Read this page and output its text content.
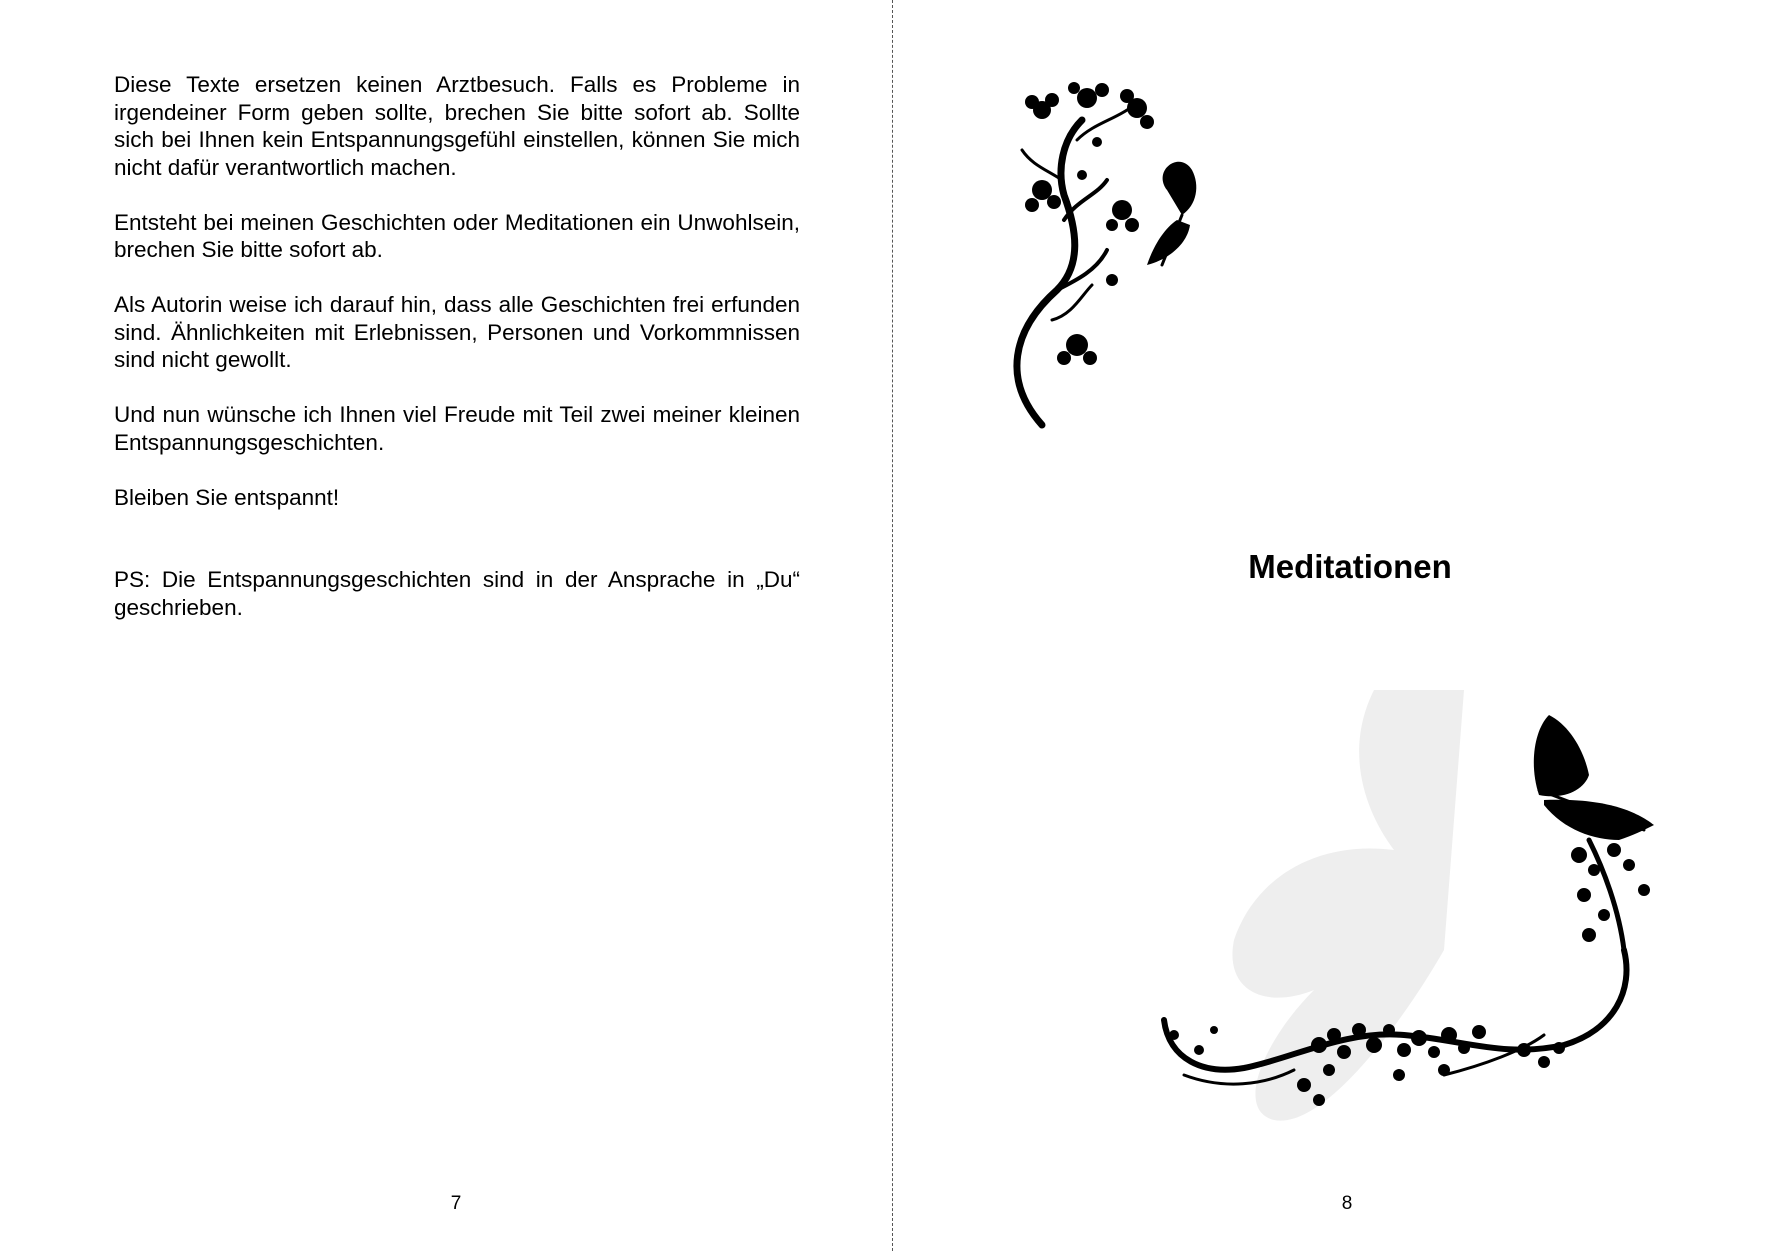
Diese Texte ersetzen keinen Arztbesuch. Falls es Probleme in irgendeiner Form geben sollte, brechen Sie bitte sofort ab. Sollte sich bei Ihnen kein Entspannungsgefühl einstellen, können Sie mich nicht dafür verantwortlich machen.

Entsteht bei meinen Geschichten oder Meditationen ein Unwohlsein, brechen Sie bitte sofort ab.

Als Autorin weise ich darauf hin, dass alle Geschichten frei erfunden sind. Ähnlichkeiten mit Erlebnissen, Personen und Vorkommnissen sind nicht gewollt.

Und nun wünsche ich Ihnen viel Freude mit Teil zwei meiner kleinen Entspannungsgeschichten.

Bleiben Sie entspannt!

PS: Die Entspannungsgeschichten sind in der Ansprache in „Du“ geschrieben.

7
Meditationen
8
